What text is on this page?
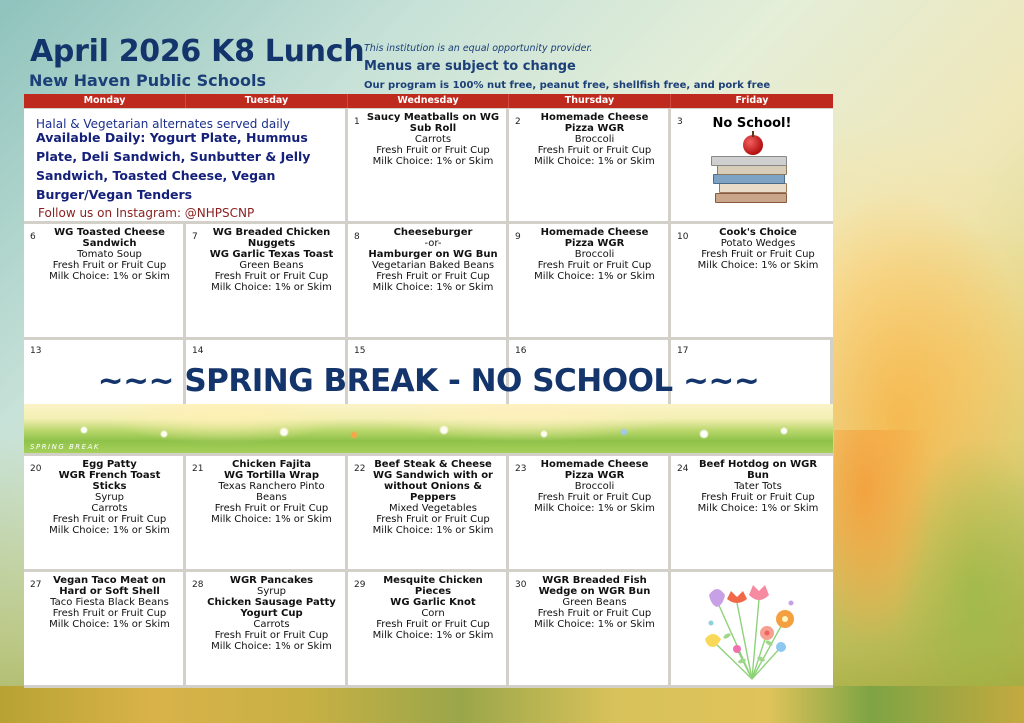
April 2026 K8 Lunch
New Haven Public Schools
This institution is an equal opportunity provider.
Menus are subject to change
Our program is 100% nut free, peanut free, shellfish free, and pork free
Monday	Tuesday	Wednesday	Thursday	Friday
Halal & Vegetarian alternates served daily
Available Daily: Yogurt Plate, Hummus Plate, Deli Sandwich, Sunbutter & Jelly Sandwich, Toasted Cheese, Vegan Burger/Vegan Tenders
Follow us on Instagram: @NHPSCNP
1 Saucy Meatballs on WG Sub Roll
Carrots
Fresh Fruit or Fruit Cup
Milk Choice: 1% or Skim
2	Homemade Cheese Pizza WGR
Broccoli
Fresh Fruit or Fruit Cup
Milk Choice: 1% or Skim
3	No School!
6	WG Toasted Cheese Sandwich
Tomato Soup
Fresh Fruit or Fruit Cup
Milk Choice: 1% or Skim
7	WG Breaded Chicken Nuggets
WG Garlic Texas Toast
Green Beans
Fresh Fruit or Fruit Cup
Milk Choice: 1% or Skim
8	Cheeseburger
-or-
Hamburger on WG Bun
Vegetarian Baked Beans
Fresh Fruit or Fruit Cup
Milk Choice: 1% or Skim
9	Homemade Cheese Pizza WGR
Broccoli
Fresh Fruit or Fruit Cup
Milk Choice: 1% or Skim
10	Cook's Choice
Potato Wedges
Fresh Fruit or Fruit Cup
Milk Choice: 1% or Skim
13	14	15	16	17
~~~ SPRING BREAK - NO SCHOOL ~~~
SPRING BREAK
20	Egg Patty
WGR French Toast Sticks
Syrup
Carrots
Fresh Fruit or Fruit Cup
Milk Choice: 1% or Skim
21	Chicken Fajita
WG Tortilla Wrap
Texas Ranchero Pinto Beans
Fresh Fruit or Fruit Cup
Milk Choice: 1% or Skim
22 Beef Steak & Cheese WG Sandwich with or without Onions & Peppers
Mixed Vegetables
Fresh Fruit or Fruit Cup
Milk Choice: 1% or Skim
23	Homemade Cheese Pizza WGR
Broccoli
Fresh Fruit or Fruit Cup
Milk Choice: 1% or Skim
24	Beef Hotdog on WGR Bun
Tater Tots
Fresh Fruit or Fruit Cup
Milk Choice: 1% or Skim
27	Vegan Taco Meat on Hard or Soft Shell
Taco Fiesta Black Beans
Fresh Fruit or Fruit Cup
Milk Choice: 1% or Skim
28	WGR Pancakes
Syrup
Chicken Sausage Patty
Yogurt Cup
Carrots
Fresh Fruit or Fruit Cup
Milk Choice: 1% or Skim
29	Mesquite Chicken Pieces
WG Garlic Knot
Corn
Fresh Fruit or Fruit Cup
Milk Choice: 1% or Skim
30	WGR Breaded Fish Wedge on WGR Bun
Green Beans
Fresh Fruit or Fruit Cup
Milk Choice: 1% or Skim
